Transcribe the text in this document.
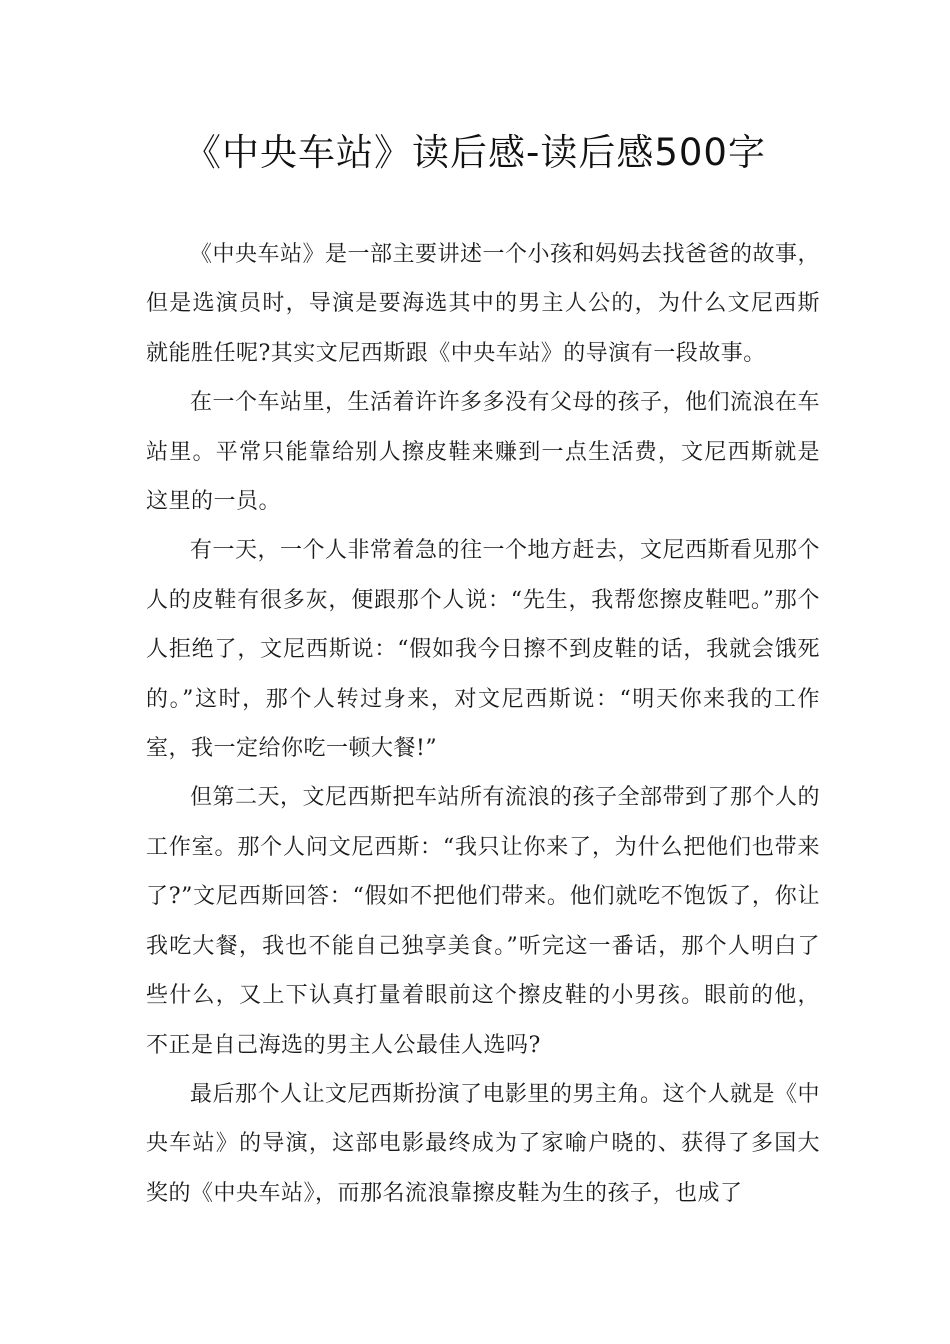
《中央车站》读后感-读后感500字

《中央车站》是一部主要讲述一个小孩和妈妈去找爸爸的故事，但是选演员时，导演是要海选其中的男主人公的，为什么文尼西斯就能胜任呢?其实文尼西斯跟《中央车站》的导演有一段故事。

在一个车站里，生活着许许多多没有父母的孩子，他们流浪在车站里。平常只能靠给别人擦皮鞋来赚到一点生活费，文尼西斯就是这里的一员。

有一天，一个人非常着急的往一个地方赶去，文尼西斯看见那个人的皮鞋有很多灰，便跟那个人说：“先生，我帮您擦皮鞋吧。”那个人拒绝了，文尼西斯说：“假如我今日擦不到皮鞋的话，我就会饿死的。”这时，那个人转过身来，对文尼西斯说：“明天你来我的工作室，我一定给你吃一顿大餐!”

但第二天，文尼西斯把车站所有流浪的孩子全部带到了那个人的工作室。那个人问文尼西斯：“我只让你来了，为什么把他们也带来了?”文尼西斯回答：“假如不把他们带来。他们就吃不饱饭了，你让我吃大餐，我也不能自己独享美食。”听完这一番话，那个人明白了些什么，又上下认真打量着眼前这个擦皮鞋的小男孩。眼前的他，不正是自己海选的男主人公最佳人选吗?

最后那个人让文尼西斯扮演了电影里的男主角。这个人就是《中央车站》的导演，这部电影最终成为了家喻户晓的、获得了多国大奖的《中央车站》，而那名流浪靠擦皮鞋为生的孩子，也成了
